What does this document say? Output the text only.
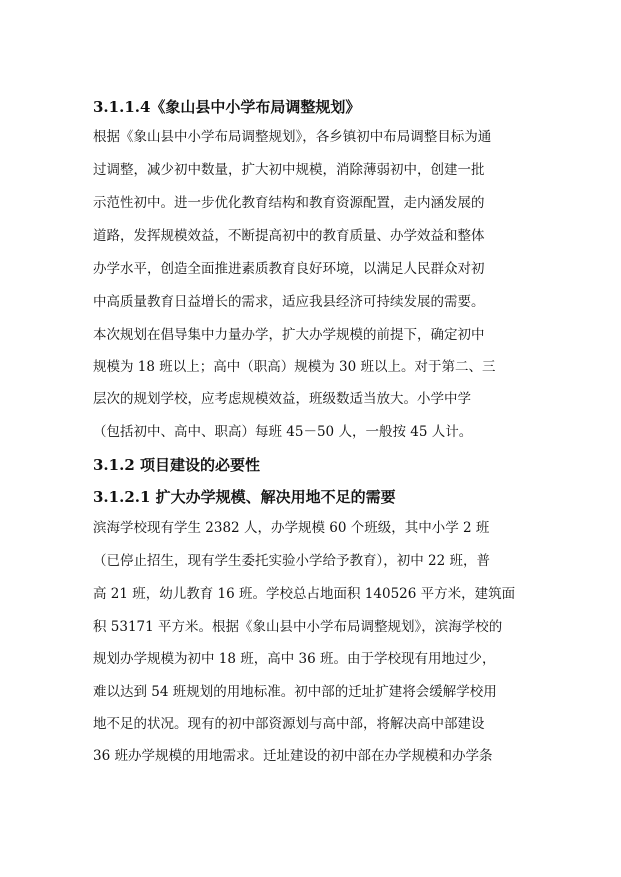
3.1.1.4《象山县中小学布局调整规划》
根据《象山县中小学布局调整规划》，各乡镇初中布局调整目标为通
过调整，减少初中数量，扩大初中规模，消除薄弱初中，创建一批
示范性初中。进一步优化教育结构和教育资源配置，走内涵发展的
道路，发挥规模效益，不断提高初中的教育质量、办学效益和整体
办学水平，创造全面推进素质教育良好环境，以满足人民群众对初
中高质量教育日益增长的需求，适应我县经济可持续发展的需要。
本次规划在倡导集中力量办学，扩大办学规模的前提下，确定初中
规模为 18 班以上；高中（职高）规模为 30 班以上。对于第二、三
层次的规划学校，应考虑规模效益，班级数适当放大。小学中学
（包括初中、高中、职高）每班 45－50 人，一般按 45 人计。
3.1.2 项目建设的必要性
3.1.2.1 扩大办学规模、解决用地不足的需要
滨海学校现有学生 2382 人，办学规模 60 个班级，其中小学 2 班
（已停止招生，现有学生委托实验小学给予教育），初中 22 班，普
高 21 班，幼儿教育 16 班。学校总占地面积 140526 平方米，建筑面
积 53171 平方米。根据《象山县中小学布局调整规划》，滨海学校的
规划办学规模为初中 18 班，高中 36 班。由于学校现有用地过少，
难以达到 54 班规划的用地标准。初中部的迁址扩建将会缓解学校用
地不足的状况。现有的初中部资源划与高中部，将解决高中部建设
36 班办学规模的用地需求。迁址建设的初中部在办学规模和办学条
